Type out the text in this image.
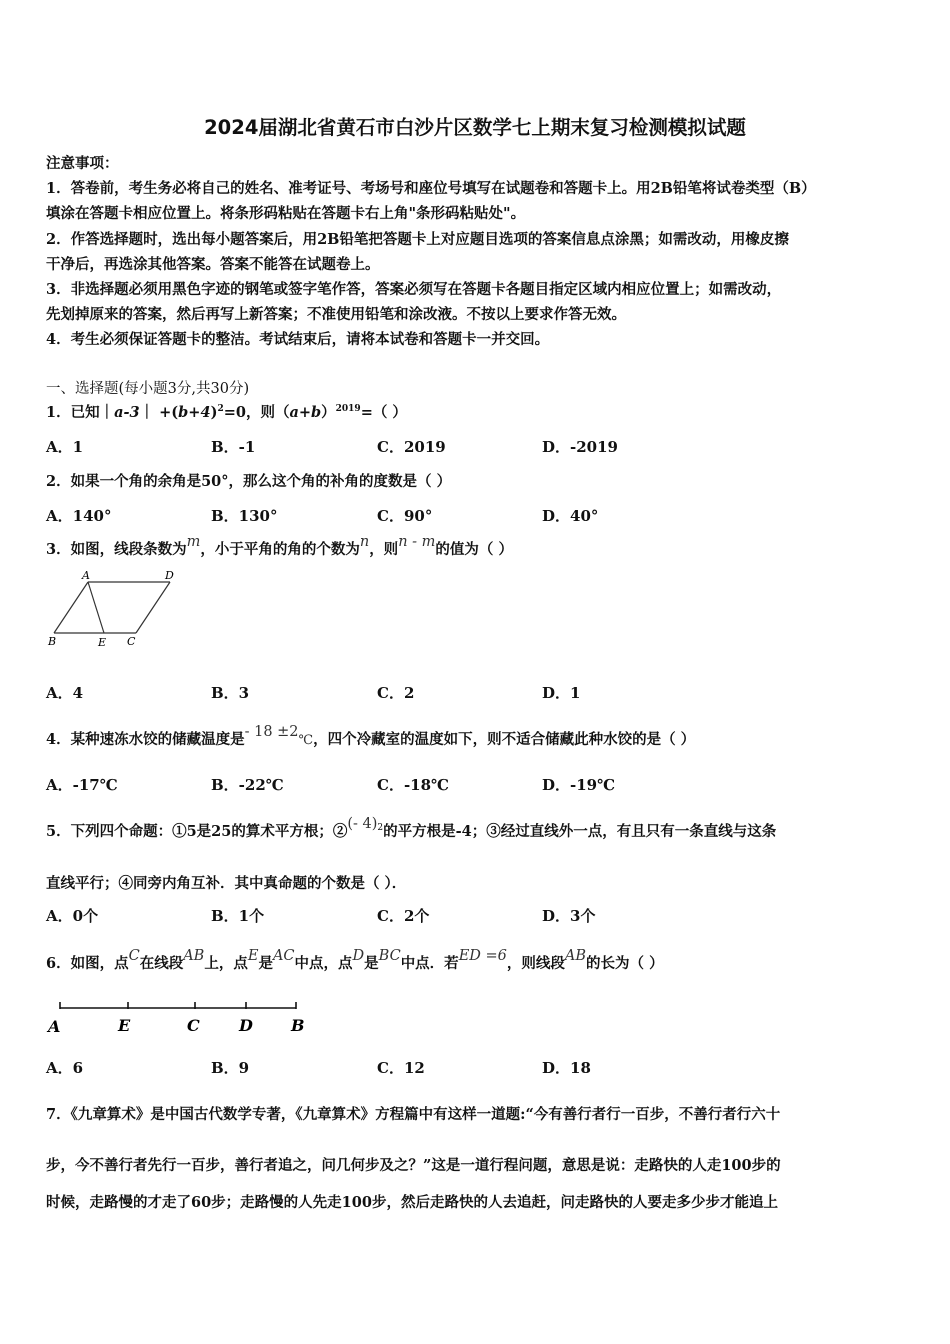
2024届湖北省黄石市白沙片区数学七上期末复习检测模拟试题
注意事项：
1．答卷前，考生务必将自己的姓名、准考证号、考场号和座位号填写在试题卷和答题卡上。用2B铅笔将试卷类型（B）
填涂在答题卡相应位置上。将条形码粘贴在答题卡右上角"条形码粘贴处"。
2．作答选择题时，选出每小题答案后，用2B铅笔把答题卡上对应题目选项的答案信息点涂黑；如需改动，用橡皮擦
干净后，再选涂其他答案。答案不能答在试题卷上。
3．非选择题必须用黑色字迹的钢笔或签字笔作答，答案必须写在答题卡各题目指定区域内相应位置上；如需改动，
先划掉原来的答案，然后再写上新答案；不准使用铅笔和涂改液。不按以上要求作答无效。
4．考生必须保证答题卡的整洁。考试结束后，请将本试卷和答题卡一并交回。
一、选择题(每小题3分,共30分)
1．已知｜a-3｜ $+(b+4)^2=0$，则$(a+b)^{2019}=$（ ）
A．1	B．-1	C．2019	D．-2019
2．如果一个角的余角是50°，那么这个角的补角的度数是（ ）
A．140°	B．130°	C．90°	D．40°
3．如图，线段条数为m，小于平角的角的个数为n，则n - m的值为（ ）
A	D
B	E C
A．4	B．3	C．2	D．1
4．某种速冻水饺的储藏温度是- 18 ±2℃，四个冷藏室的温度如下，则不适合储藏此种水饺的是（ ）
A．-17℃	B．-22℃	C．-18℃	D．-19℃
5．下列四个命题：①5是25的算术平方根；②(- 4)$^2$的平方根是-4；③经过直线外一点，有且只有一条直线与这条
直线平行；④同旁内角互补．其中真命题的个数是（ ）．
A．0个	B．1个	C．2个	D．3个
6．如图，点C在线段AB上，点E是AC中点，点D是BC中点．若ED =6，则线段AB的长为（ ）
A	E	C D B
A．6	B．9	C．12	D．18
7．《九章算术》是中国古代数学专著，《九章算术》方程篇中有这样一道题:“今有善行者行一百步，不善行者行六十
步，今不善行者先行一百步，善行者追之，问几何步及之？”这是一道行程问题，意思是说：走路快的人走100步的
时候，走路慢的才走了60步；走路慢的人先走100步，然后走路快的人去追赶，问走路快的人要走多少步才能追上
